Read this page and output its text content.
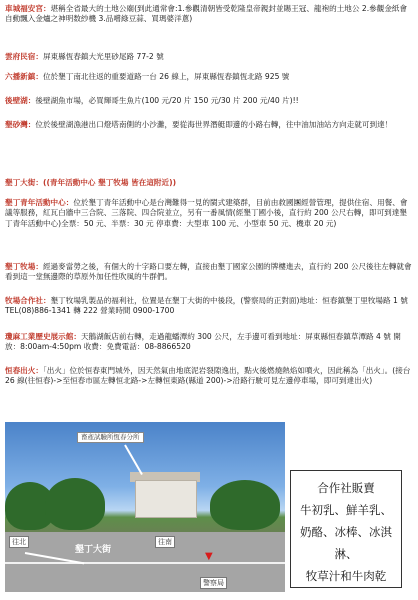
車城福安宮：堪稱全省最大的土地公廟(到此通常會:1.參觀清朝皆受乾隆皇帝親封並賜王冠、龍袍的土地公 2.參觀金紙會自動飄入金爐之神明数紗機 3.品嚐綠豆蒜、買瑪婆洋蔥)
雲府民宿：屏東縣恆春鎮大光里砂尾路 77-2 號
六播新鎮：位於墾丁南北往返的重要道路一台 26 線上，屏東縣恆春鎮恆北路 925 號
後壁湖：後壁湖魚市場，必買輝哥生魚片(100 元/20 片 150 元/30 片 200 元/40 片)!!
墾砂灣：位於後壁湖漁港出口燈塔南側的小沙灘，要從海世界潛艇即邊的小路右轉，往中油加油站方向走就可到達！
墾丁大街：((青年活動中心 墾丁牧場 皆在這附近))
墾丁青年活動中心：位於墾丁青年活動中心是台灣難得一見的閩式建築群，目前由救國團經營管理，提供住宿、用餐、會議等服務，紅瓦白牆中三合院、三落院、四合院並立，另有一番風情(經墾丁國小後，直行約 200 公尺右轉，即可到達墾丁青年活動中心)全票：50 元、半票：30 元 停車費：大型車 100 元、小型車 50 元、機車 20 元)
墾丁牧場：經過麥當勞之後，有個大的十字路口要左轉，直接由墾丁國家公園的牌樓進去，直行約 200 公尺後往左轉就會看到這一堂無邊際的草原外加任性吹風的牛群們。
牧場合作社：墾丁牧場乳製品的福利社，位置是在墾丁大街的中後段，(警察局的正對面)地址：恒春鎮墾丁里牧場路 1 號 TEL(08)886-1341 轉 222 營業時間 0900-1700
瓊麻工業歷史展示館：天鵝湖飯店前右轉，走過龍蟠潭約 300 公尺，左手邊可看到地址：屏東縣恒春鎮草潭路 4 號 開放：8:00am-4:50pm 收費：免費電話：08-8866520
恒春出火：「出火」位於恒春東門城外，因天然氣由地底泥岩裂隙逸出，點火後燃燒熱焰如噴火，因此稱為「出火」。(接台 26 線(往恒春)->至恒春市區左轉恒北路->左轉恒東路(縣道 200)->沿路行駛可見左邊停車場，即可到達出火)
畜產試驗所恆春分所
墾丁大街
往北	往南
▼
警察局
合作社販賣
牛初乳、鮮羊乳、
奶酪、冰棒、冰淇淋、
牧草汁和牛肉乾
